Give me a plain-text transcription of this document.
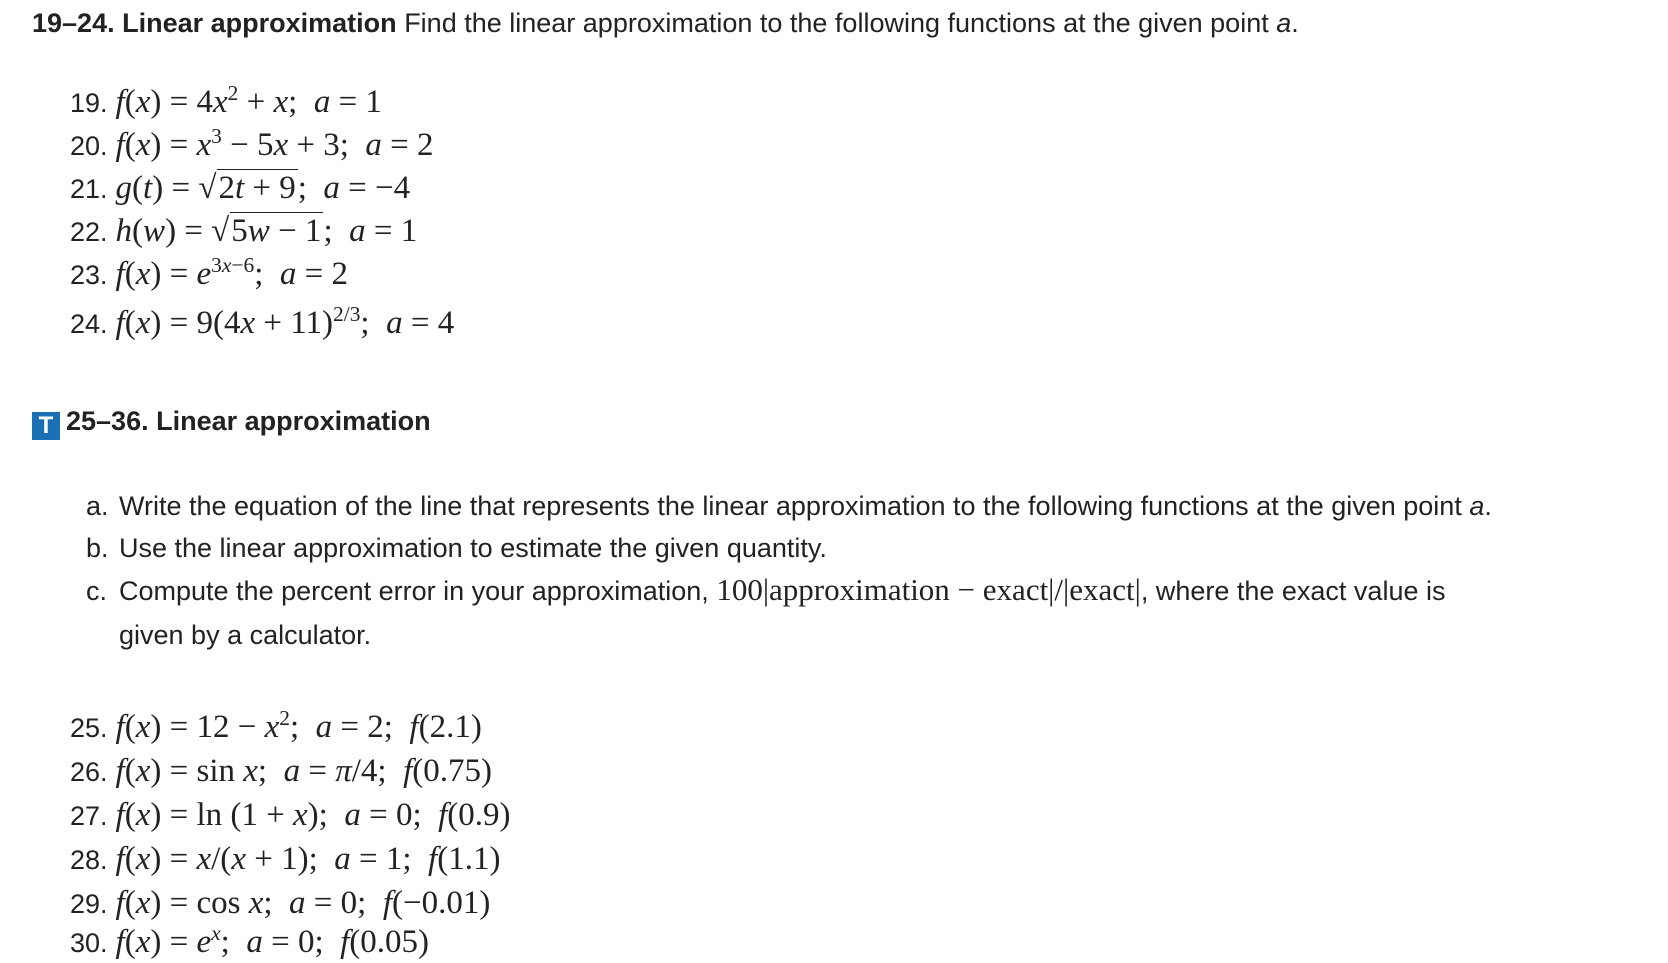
19–24. Linear approximation Find the linear approximation to the following functions at the given point a.
19. $f(x) = 4x^2 + x$;  a = 1
20. $f(x) = x^3 - 5x + 3$;  a = 2
21. g(t) = √2t + 9;  a = −4
22. h(w) = √5w − 1;  a = 1
23. $f(x) = e^{3x-6}$;  a = 2
24. $f(x) = 9(4x + 11)^{2/3}$;  a = 4
T 25–36. Linear approximation
a. Write the equation of the line that represents the linear approximation to the following functions at the given point a.
b. Use the linear approximation to estimate the given quantity.
c. Compute the percent error in your approximation, 100|approximation − exact|/|exact|, where the exact value is
given by a calculator.
25. $f(x) = 12 - x^2$;  a = 2;  f(2.1)
26. f(x) = sin x;  a = π/4;  f(0.75)
27. f(x) = ln (1 + x);  a = 0;  f(0.9)
28. f(x) = x/(x + 1);  a = 1;  f(1.1)
29. f(x) = cos x;  a = 0;  f(−0.01)
30. $f(x) = e^x$;  a = 0;  f(0.05)
